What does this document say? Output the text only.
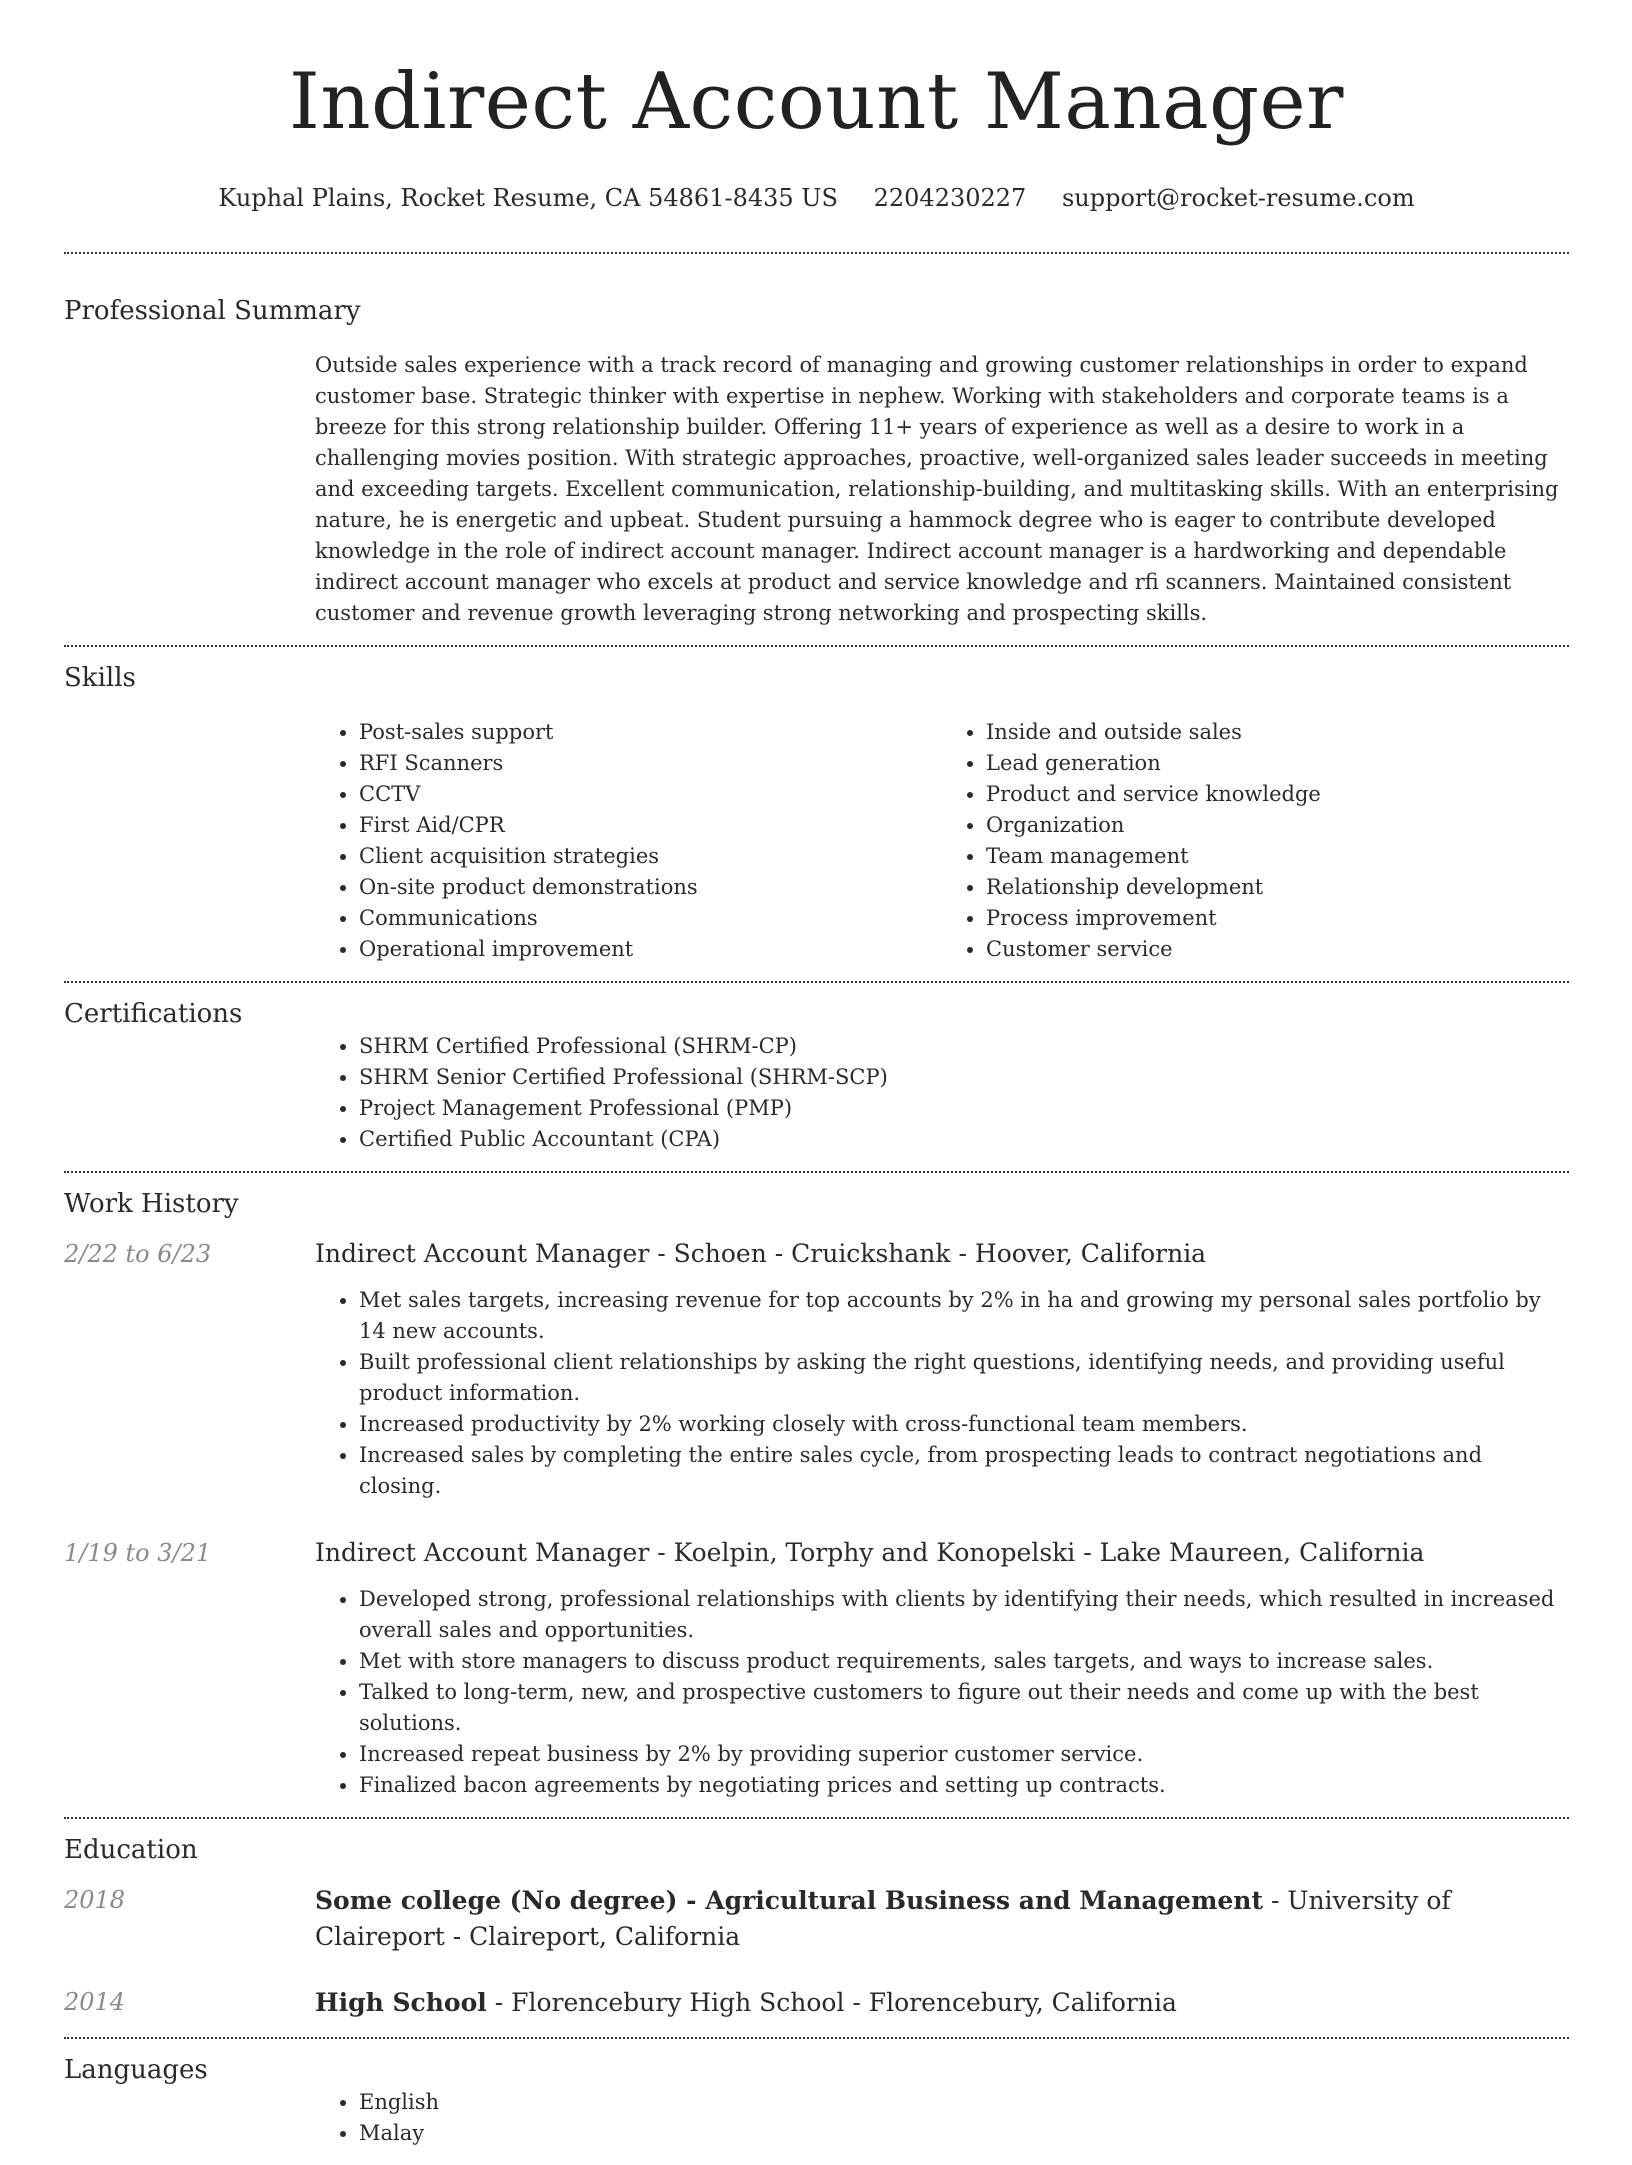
Indirect Account Manager
Kuphal Plains, Rocket Resume, CA 54861-8435 US 2204230227 support@rocket-resume.com
Professional Summary

Outside sales experience with a track record of managing and growing customer relationships in order to expand customer base. Strategic thinker with expertise in nephew. Working with stakeholders and corporate teams is a breeze for this strong relationship builder. Offering 11+ years of experience as well as a desire to work in a challenging movies position. With strategic approaches, proactive, well-organized sales leader succeeds in meeting and exceeding targets. Excellent communication, relationship-building, and multitasking skills. With an enterprising nature, he is energetic and upbeat. Student pursuing a hammock degree who is eager to contribute developed knowledge in the role of indirect account manager. Indirect account manager is a hardworking and dependable indirect account manager who excels at product and service knowledge and rfi scanners. Maintained consistent customer and revenue growth leveraging strong networking and prospecting skills.

Skills
• Post-sales support
• RFI Scanners
• CCTV
• First Aid/CPR
• Client acquisition strategies
• On-site product demonstrations
• Communications
• Operational improvement
• Inside and outside sales
• Lead generation
• Product and service knowledge
• Organization
• Team management
• Relationship development
• Process improvement
• Customer service
Certifications
• SHRM Certified Professional (SHRM-CP)
• SHRM Senior Certified Professional (SHRM-SCP)
• Project Management Professional (PMP)
• Certified Public Accountant (CPA)
Work History
2/22 to 6/23	Indirect Account Manager - Schoen - Cruickshank - Hoover, California
• Met sales targets, increasing revenue for top accounts by 2% in ha and growing my personal sales portfolio by 14 new accounts.
• Built professional client relationships by asking the right questions, identifying needs, and providing useful product information.
• Increased productivity by 2% working closely with cross-functional team members.
• Increased sales by completing the entire sales cycle, from prospecting leads to contract negotiations and closing.
1/19 to 3/21	Indirect Account Manager - Koelpin, Torphy and Konopelski - Lake Maureen, California
• Developed strong, professional relationships with clients by identifying their needs, which resulted in increased overall sales and opportunities.
• Met with store managers to discuss product requirements, sales targets, and ways to increase sales.
• Talked to long-term, new, and prospective customers to figure out their needs and come up with the best solutions.
• Increased repeat business by 2% by providing superior customer service.
• Finalized bacon agreements by negotiating prices and setting up contracts.
Education
2018	Some college (No degree) - Agricultural Business and Management - University of Claireport - Claireport, California
2014	High School - Florencebury High School - Florencebury, California
Languages
• English
• Malay
